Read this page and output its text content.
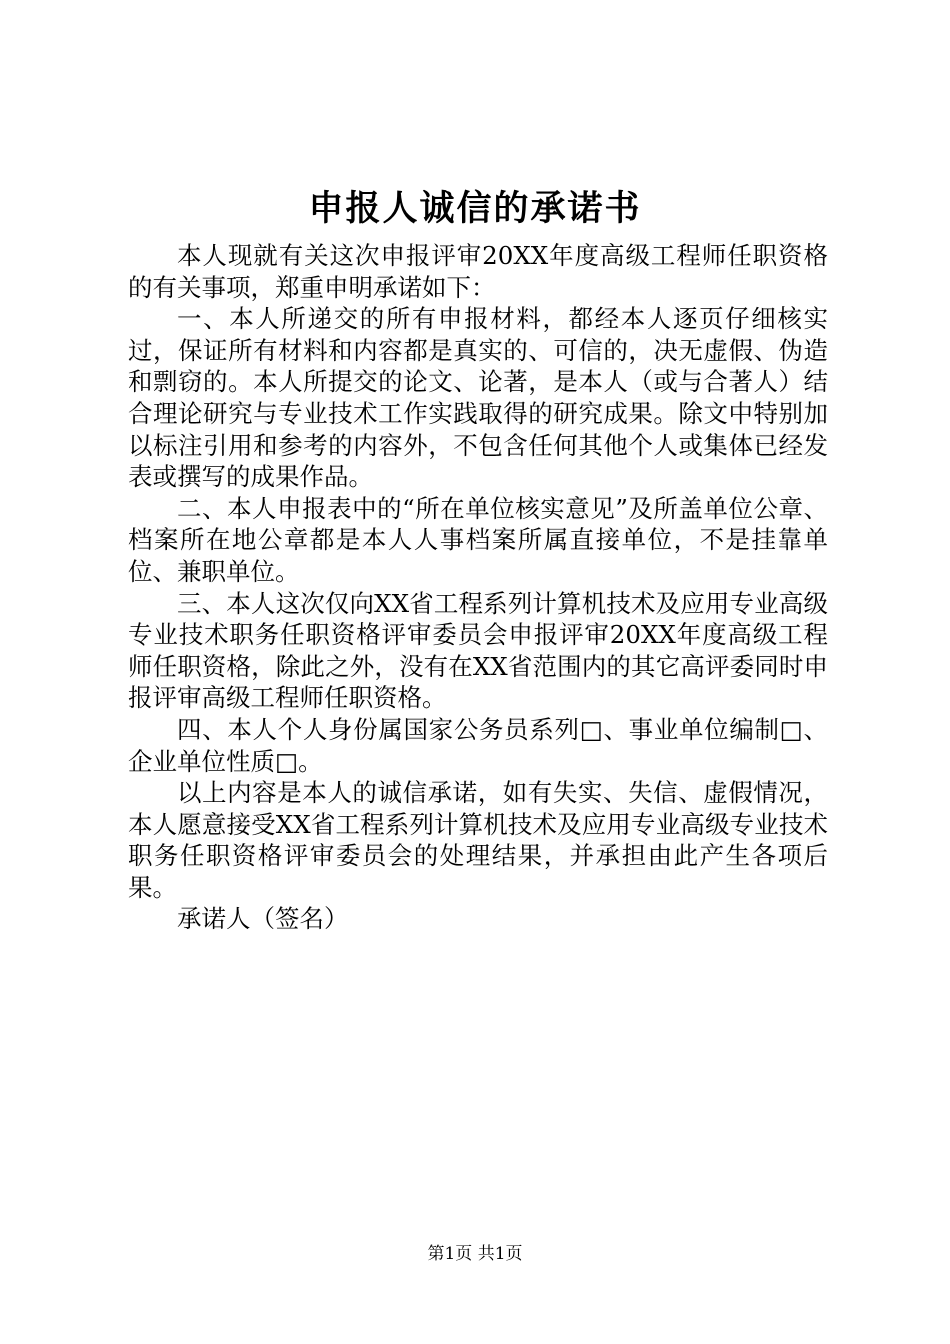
申报人诚信的承诺书

本人现就有关这次申报评审20XX年度高级工程师任职资格的有关事项，郑重申明承诺如下：

一、本人所递交的所有申报材料，都经本人逐页仔细核实过，保证所有材料和内容都是真实的、可信的，决无虚假、伪造和剽窃的。本人所提交的论文、论著，是本人（或与合著人）结合理论研究与专业技术工作实践取得的研究成果。除文中特别加以标注引用和参考的内容外，不包含任何其他个人或集体已经发表或撰写的成果作品。

二、本人申报表中的“所在单位核实意见”及所盖单位公章、档案所在地公章都是本人人事档案所属直接单位，不是挂靠单位、兼职单位。

三、本人这次仅向XX省工程系列计算机技术及应用专业高级专业技术职务任职资格评审委员会申报评审20XX年度高级工程师任职资格，除此之外，没有在XX省范围内的其它高评委同时申报评审高级工程师任职资格。

四、本人个人身份属国家公务员系列□、事业单位编制□、企业单位性质□。

以上内容是本人的诚信承诺，如有失实、失信、虚假情况，本人愿意接受XX省工程系列计算机技术及应用专业高级专业技术职务任职资格评审委员会的处理结果，并承担由此产生各项后果。

承诺人（签名）

第1页 共1页
